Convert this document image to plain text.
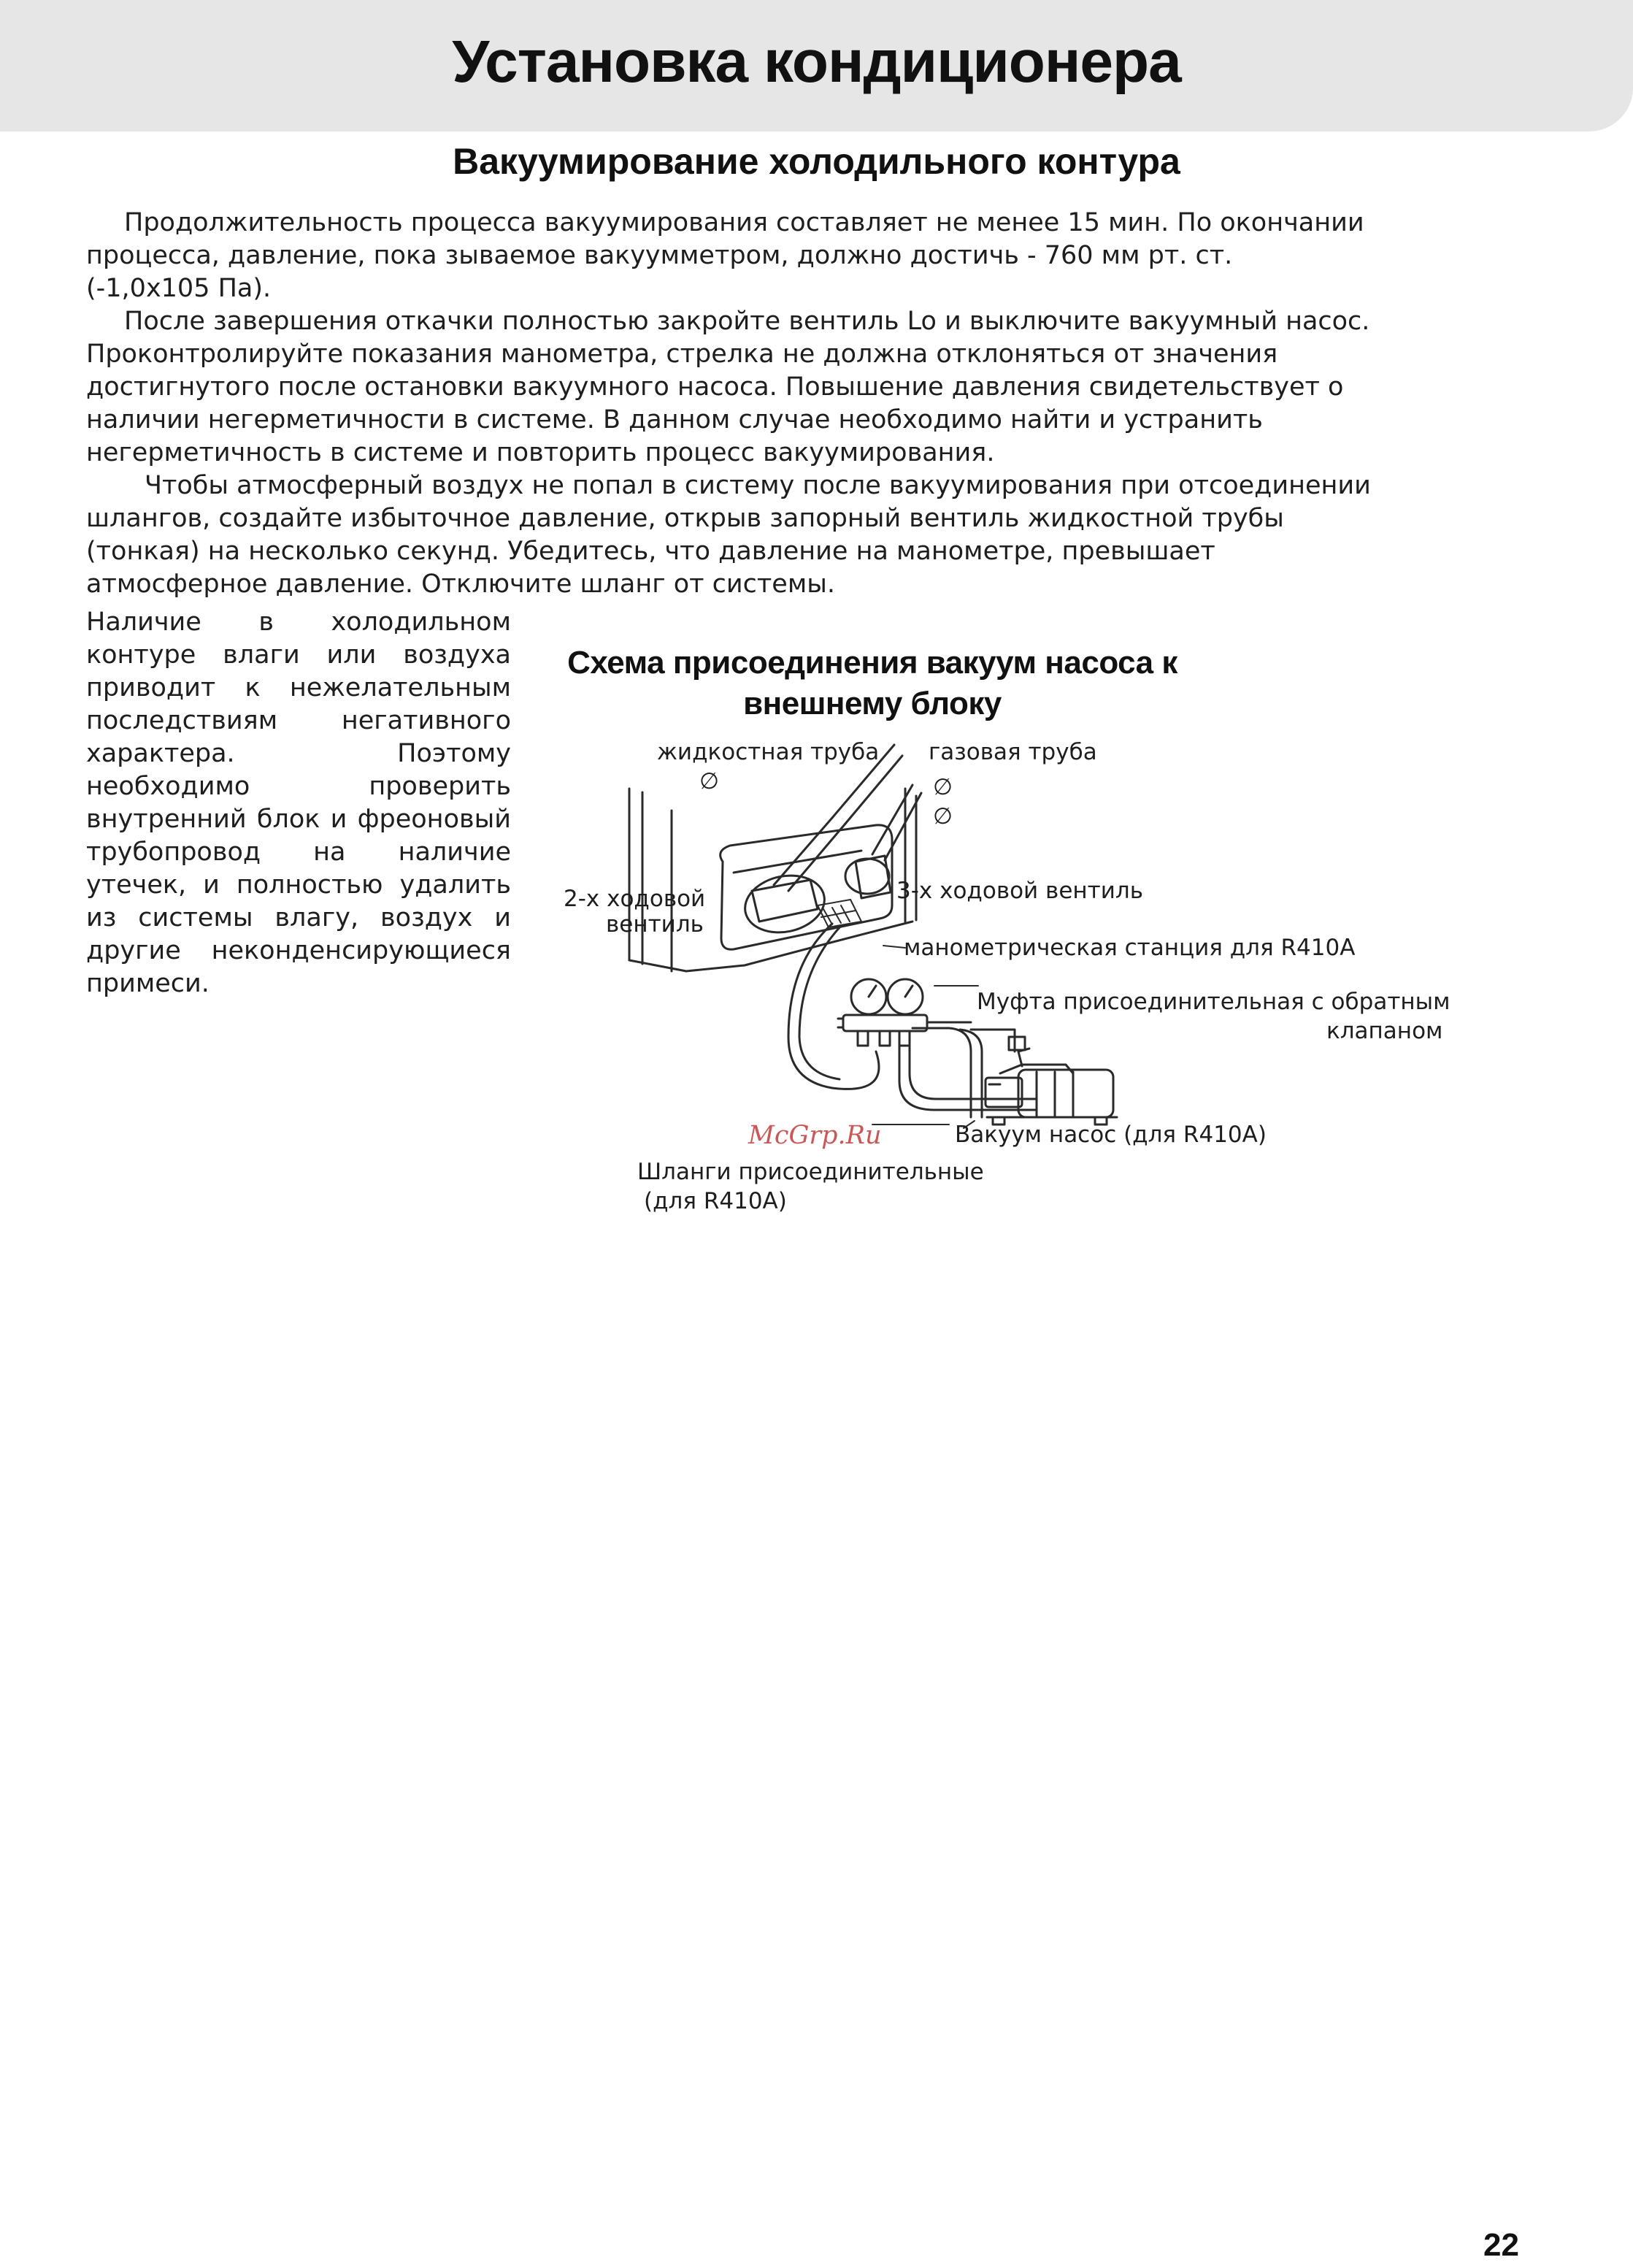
Установка кондиционера
Вакуумирование холодильного контура

Продолжительность процесса вакуумирования составляет не менее 15 мин. По окончании

процесса, давление, пока зываемое вакуумметром, должно достичь - 760 мм рт. ст.

(-1,0х105 Па).

После завершения откачки полностью закройте вентиль Lo и выключите вакуумный насос.

Проконтролируйте показания манометра, стрелка не должна отклоняться от значения

достигнутого после остановки вакуумного насоса. Повышение давления свидетельствует о

наличии негерметичности в системе. В данном случае необходимо найти и устранить

негерметичность в системе и повторить процесс вакуумирования.

Чтобы атмосферный воздух не попал в систему после вакуумирования при отсоединении

шлангов, создайте избыточное давление, открыв запорный вентиль жидкостной трубы

(тонкая) на несколько секунд. Убедитесь, что давление на манометре, превышает

атмосферное давление. Отключите шланг от системы.

Наличие в холодильном контуре влаги или воздуха приводит к нежелательным последствиям негативного характера. Поэтому необходимо проверить внутренний блок и фреоновый трубопровод на наличие утечек, и полностью удалить из системы влагу, воздух и другие неконденсирующиеся примеси.

Схема присоединения вакуум насоса к
внешнему блоку
жидкостная труба
∅
газовая труба
∅
∅
2-х ходовой
вентиль
3-х ходовой вентиль
манометрическая станция для R410A
Муфта присоединительная с обратным
клапаном
Вакуум насос (для R410A)
Шланги присоединительные
(для R410A)
McGrp.Ru
22
